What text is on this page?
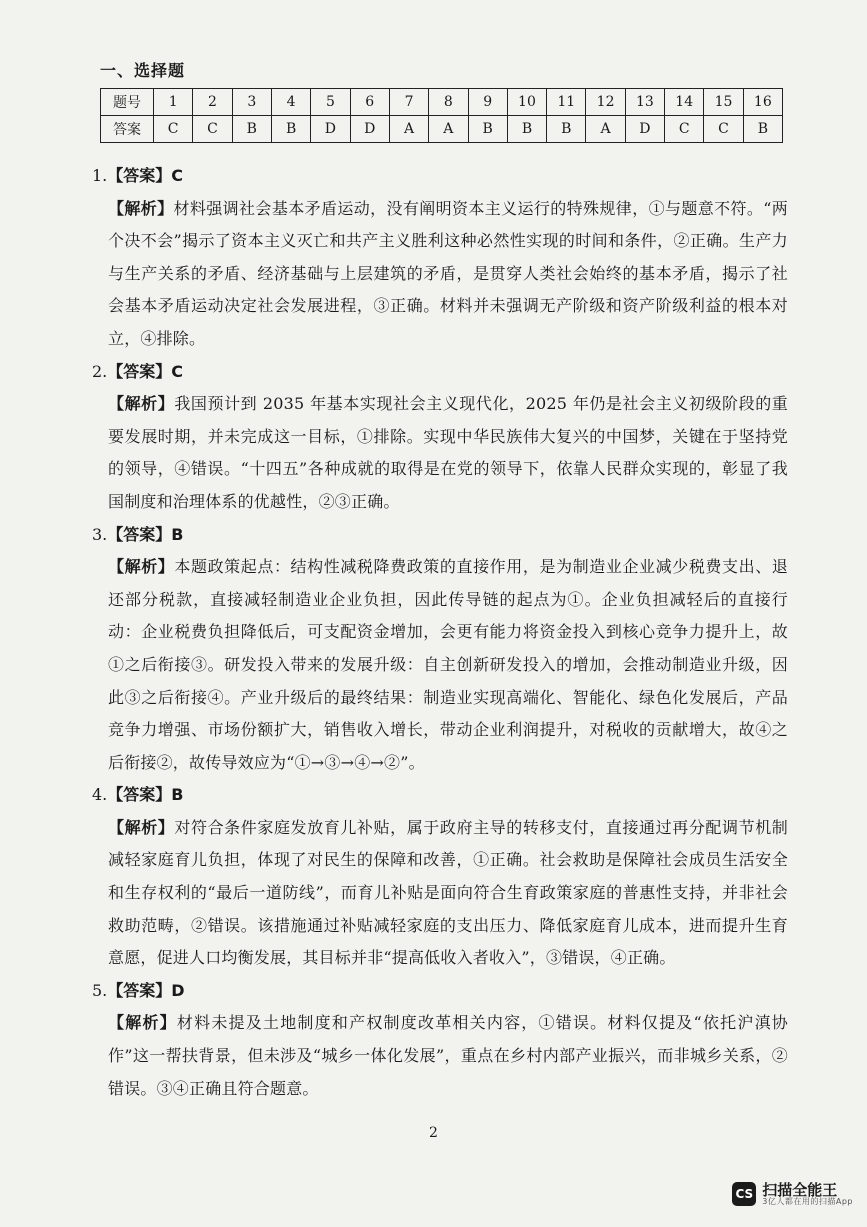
一、选择题
题号	1	2	3	4	5	6	7	8	9	10	11	12	13	14	15	16
答案	C	C	B	B	D	D	A	A	B	B	B	A	D	C	C	B
1.【答案】C
【解析】材料强调社会基本矛盾运动，没有阐明资本主义运行的特殊规律，①与题意不符。“两个决不会”揭示了资本主义灭亡和共产主义胜利这种必然性实现的时间和条件，②正确。生产力与生产关系的矛盾、经济基础与上层建筑的矛盾，是贯穿人类社会始终的基本矛盾，揭示了社会基本矛盾运动决定社会发展进程，③正确。材料并未强调无产阶级和资产阶级利益的根本对立，④排除。
2.【答案】C
【解析】我国预计到 2035 年基本实现社会主义现代化，2025 年仍是社会主义初级阶段的重要发展时期，并未完成这一目标，①排除。实现中华民族伟大复兴的中国梦，关键在于坚持党的领导，④错误。“十四五”各种成就的取得是在党的领导下，依靠人民群众实现的，彰显了我国制度和治理体系的优越性，②③正确。
3.【答案】B
【解析】本题政策起点：结构性减税降费政策的直接作用，是为制造业企业减少税费支出、退还部分税款，直接减轻制造业企业负担，因此传导链的起点为①。企业负担减轻后的直接行动：企业税费负担降低后，可支配资金增加，会更有能力将资金投入到核心竞争力提升上，故①之后衔接③。研发投入带来的发展升级：自主创新研发投入的增加，会推动制造业升级，因此③之后衔接④。产业升级后的最终结果：制造业实现高端化、智能化、绿色化发展后，产品竞争力增强、市场份额扩大，销售收入增长，带动企业利润提升，对税收的贡献增大，故④之后衔接②，故传导效应为“①→③→④→②”。
4.【答案】B
【解析】对符合条件家庭发放育儿补贴，属于政府主导的转移支付，直接通过再分配调节机制减轻家庭育儿负担，体现了对民生的保障和改善，①正确。社会救助是保障社会成员生活安全和生存权利的“最后一道防线”，而育儿补贴是面向符合生育政策家庭的普惠性支持，并非社会救助范畴，②错误。该措施通过补贴减轻家庭的支出压力、降低家庭育儿成本，进而提升生育意愿，促进人口均衡发展，其目标并非“提高低收入者收入”，③错误，④正确。
5.【答案】D
【解析】材料未提及土地制度和产权制度改革相关内容，①错误。材料仅提及“依托沪滇协作”这一帮扶背景，但未涉及“城乡一体化发展”，重点在乡村内部产业振兴，而非城乡关系，②错误。③④正确且符合题意。
2
CS 扫描全能王
3亿人都在用的扫描App
